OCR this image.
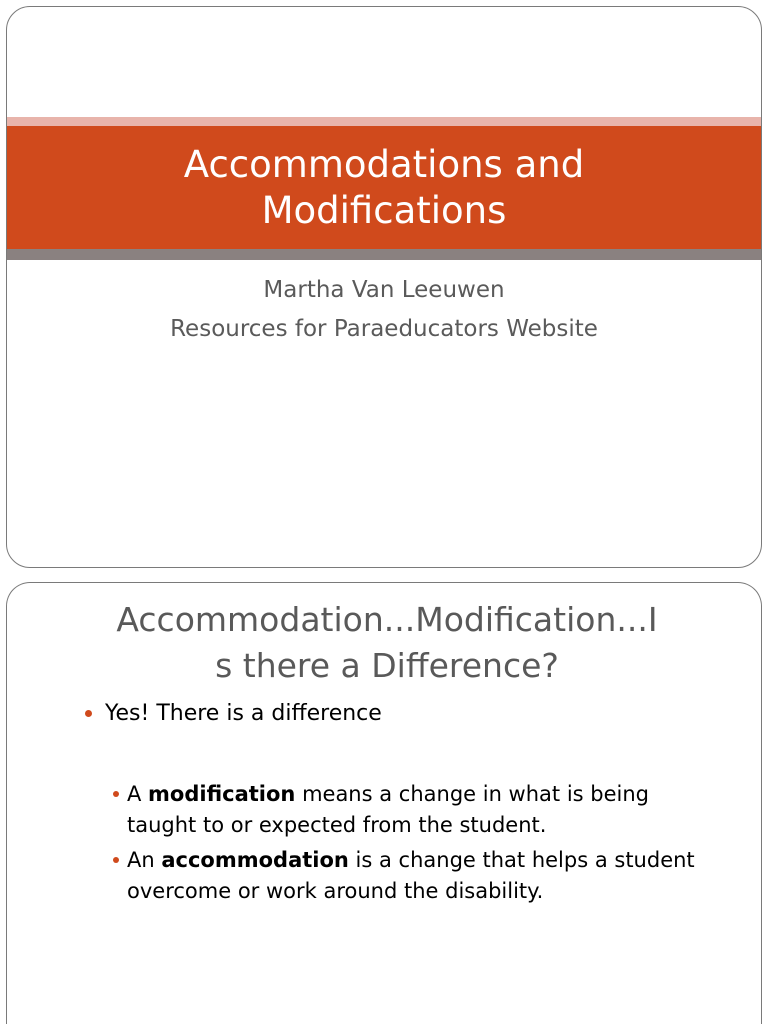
Accommodations and
Modifications

Martha Van Leeuwen

Resources for Paraeducators Website

Accommodation...Modification...I
s there a Difference?
Yes! There is a difference
A modification means a change in what is being taught to or expected from the student.
An accommodation is a change that helps a student overcome or work around the disability.
